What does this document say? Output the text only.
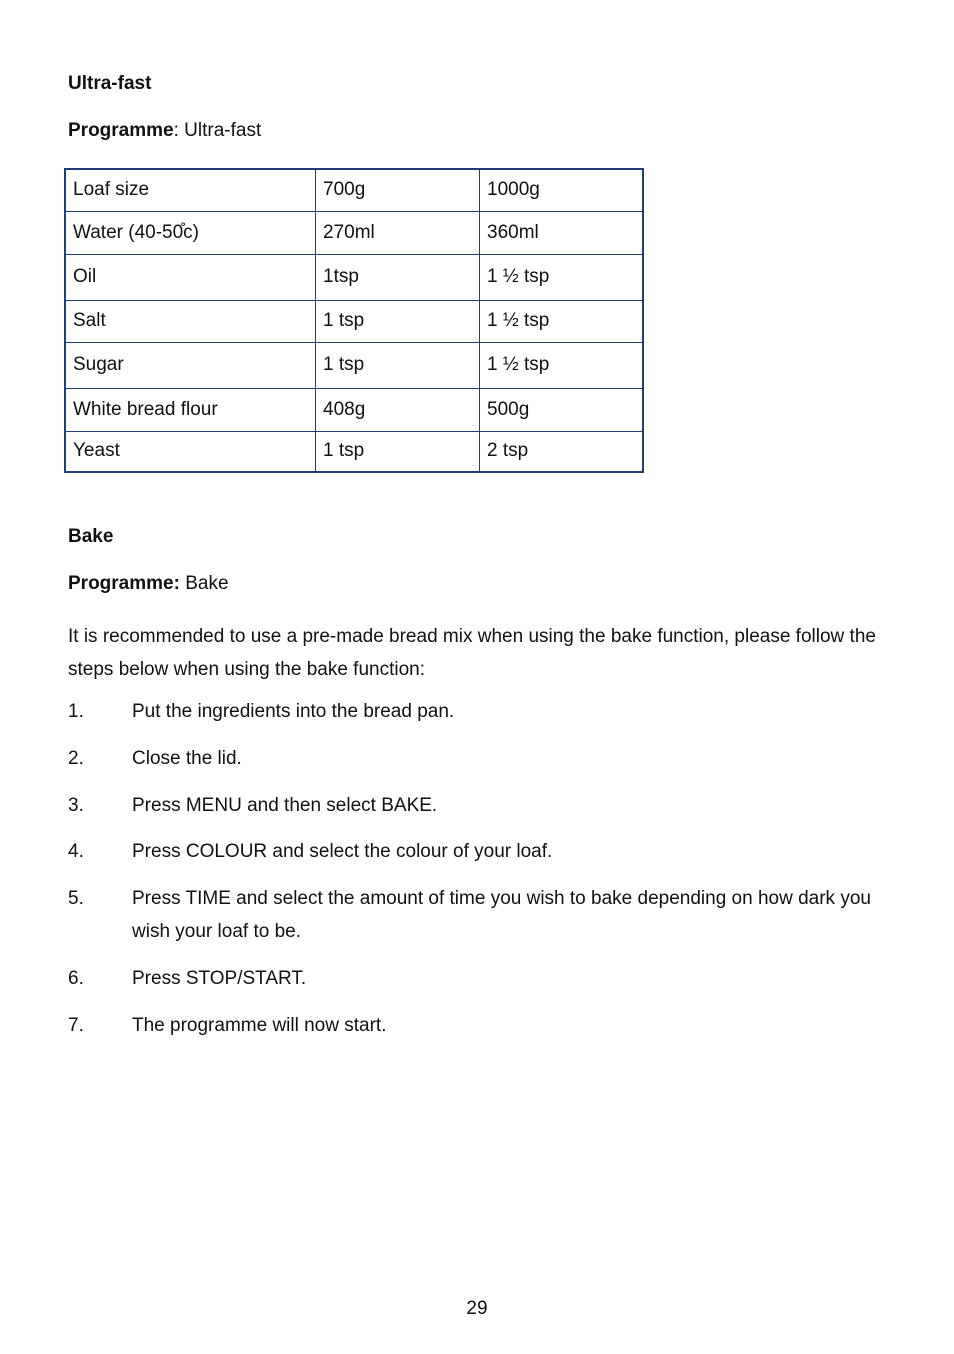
Ultra-fast
Programme: Ultra-fast
Loaf size	700g	1000g
Water (40-50̊c)	270ml	360ml
Oil	1tsp	1 ½ tsp
Salt	1 tsp	1 ½ tsp
Sugar	1 tsp	1 ½ tsp
White bread flour	408g	500g
Yeast	1 tsp	2 tsp
Bake
Programme: Bake
It is recommended to use a pre-made bread mix when using the bake function, please follow the steps below when using the bake function:
1.	Put the ingredients into the bread pan.
2.	Close the lid.
3.	Press MENU and then select BAKE.
4.	Press COLOUR and select the colour of your loaf.
5.	Press TIME and select the amount of time you wish to bake depending on how dark you wish your loaf to be.
6.	Press STOP/START.
7.	The programme will now start.
29
